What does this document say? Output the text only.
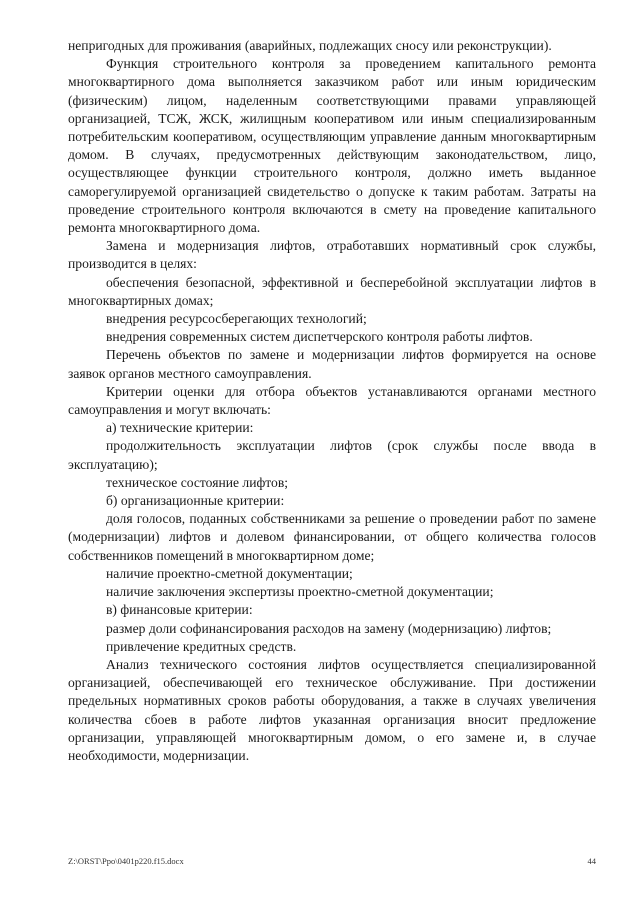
непригодных для проживания (аварийных, подлежащих сносу или реконструкции).

Функция строительного контроля за проведением капитального ремонта многоквартирного дома выполняется заказчиком работ или иным юридическим (физическим) лицом, наделенным соответствующими правами управляющей организацией, ТСЖ, ЖСК, жилищным кооперативом или иным специализированным потребительским кооперативом, осуществляющим управление данным многоквартирным домом. В случаях, предусмотренных действующим законодательством, лицо, осуществляющее функции строительного контроля, должно иметь выданное саморегулируемой организацией свидетельство о допуске к таким работам. Затраты на проведение строительного контроля включаются в смету на проведение капитального ремонта многоквартирного дома.

Замена и модернизация лифтов, отработавших нормативный срок службы, производится в целях:

обеспечения безопасной, эффективной и бесперебойной эксплуатации лифтов в многоквартирных домах;

внедрения ресурсосберегающих технологий;

внедрения современных систем диспетчерского контроля работы лифтов.

Перечень объектов по замене и модернизации лифтов формируется на основе заявок органов местного самоуправления.

Критерии оценки для отбора объектов устанавливаются органами местного самоуправления и могут включать:

а) технические критерии:

продолжительность эксплуатации лифтов (срок службы после ввода в эксплуатацию);

техническое состояние лифтов;

б) организационные критерии:

доля голосов, поданных собственниками за решение о проведении работ по замене (модернизации) лифтов и долевом финансировании, от общего количества голосов собственников помещений в многоквартирном доме;

наличие проектно-сметной документации;

наличие заключения экспертизы проектно-сметной документации;

в) финансовые критерии:

размер доли софинансирования расходов на замену (модернизацию) лифтов;

привлечение кредитных средств.

Анализ технического состояния лифтов осуществляется специализированной организацией, обеспечивающей его техническое обслуживание. При достижении предельных нормативных сроков работы оборудования, а также в случаях увеличения количества сбоев в работе лифтов указанная организация вносит предложение организации, управляющей многоквартирным домом, о его замене и, в случае необходимости, модернизации.

Z:\ORST\Ppo\0401p220.f15.docx	44
